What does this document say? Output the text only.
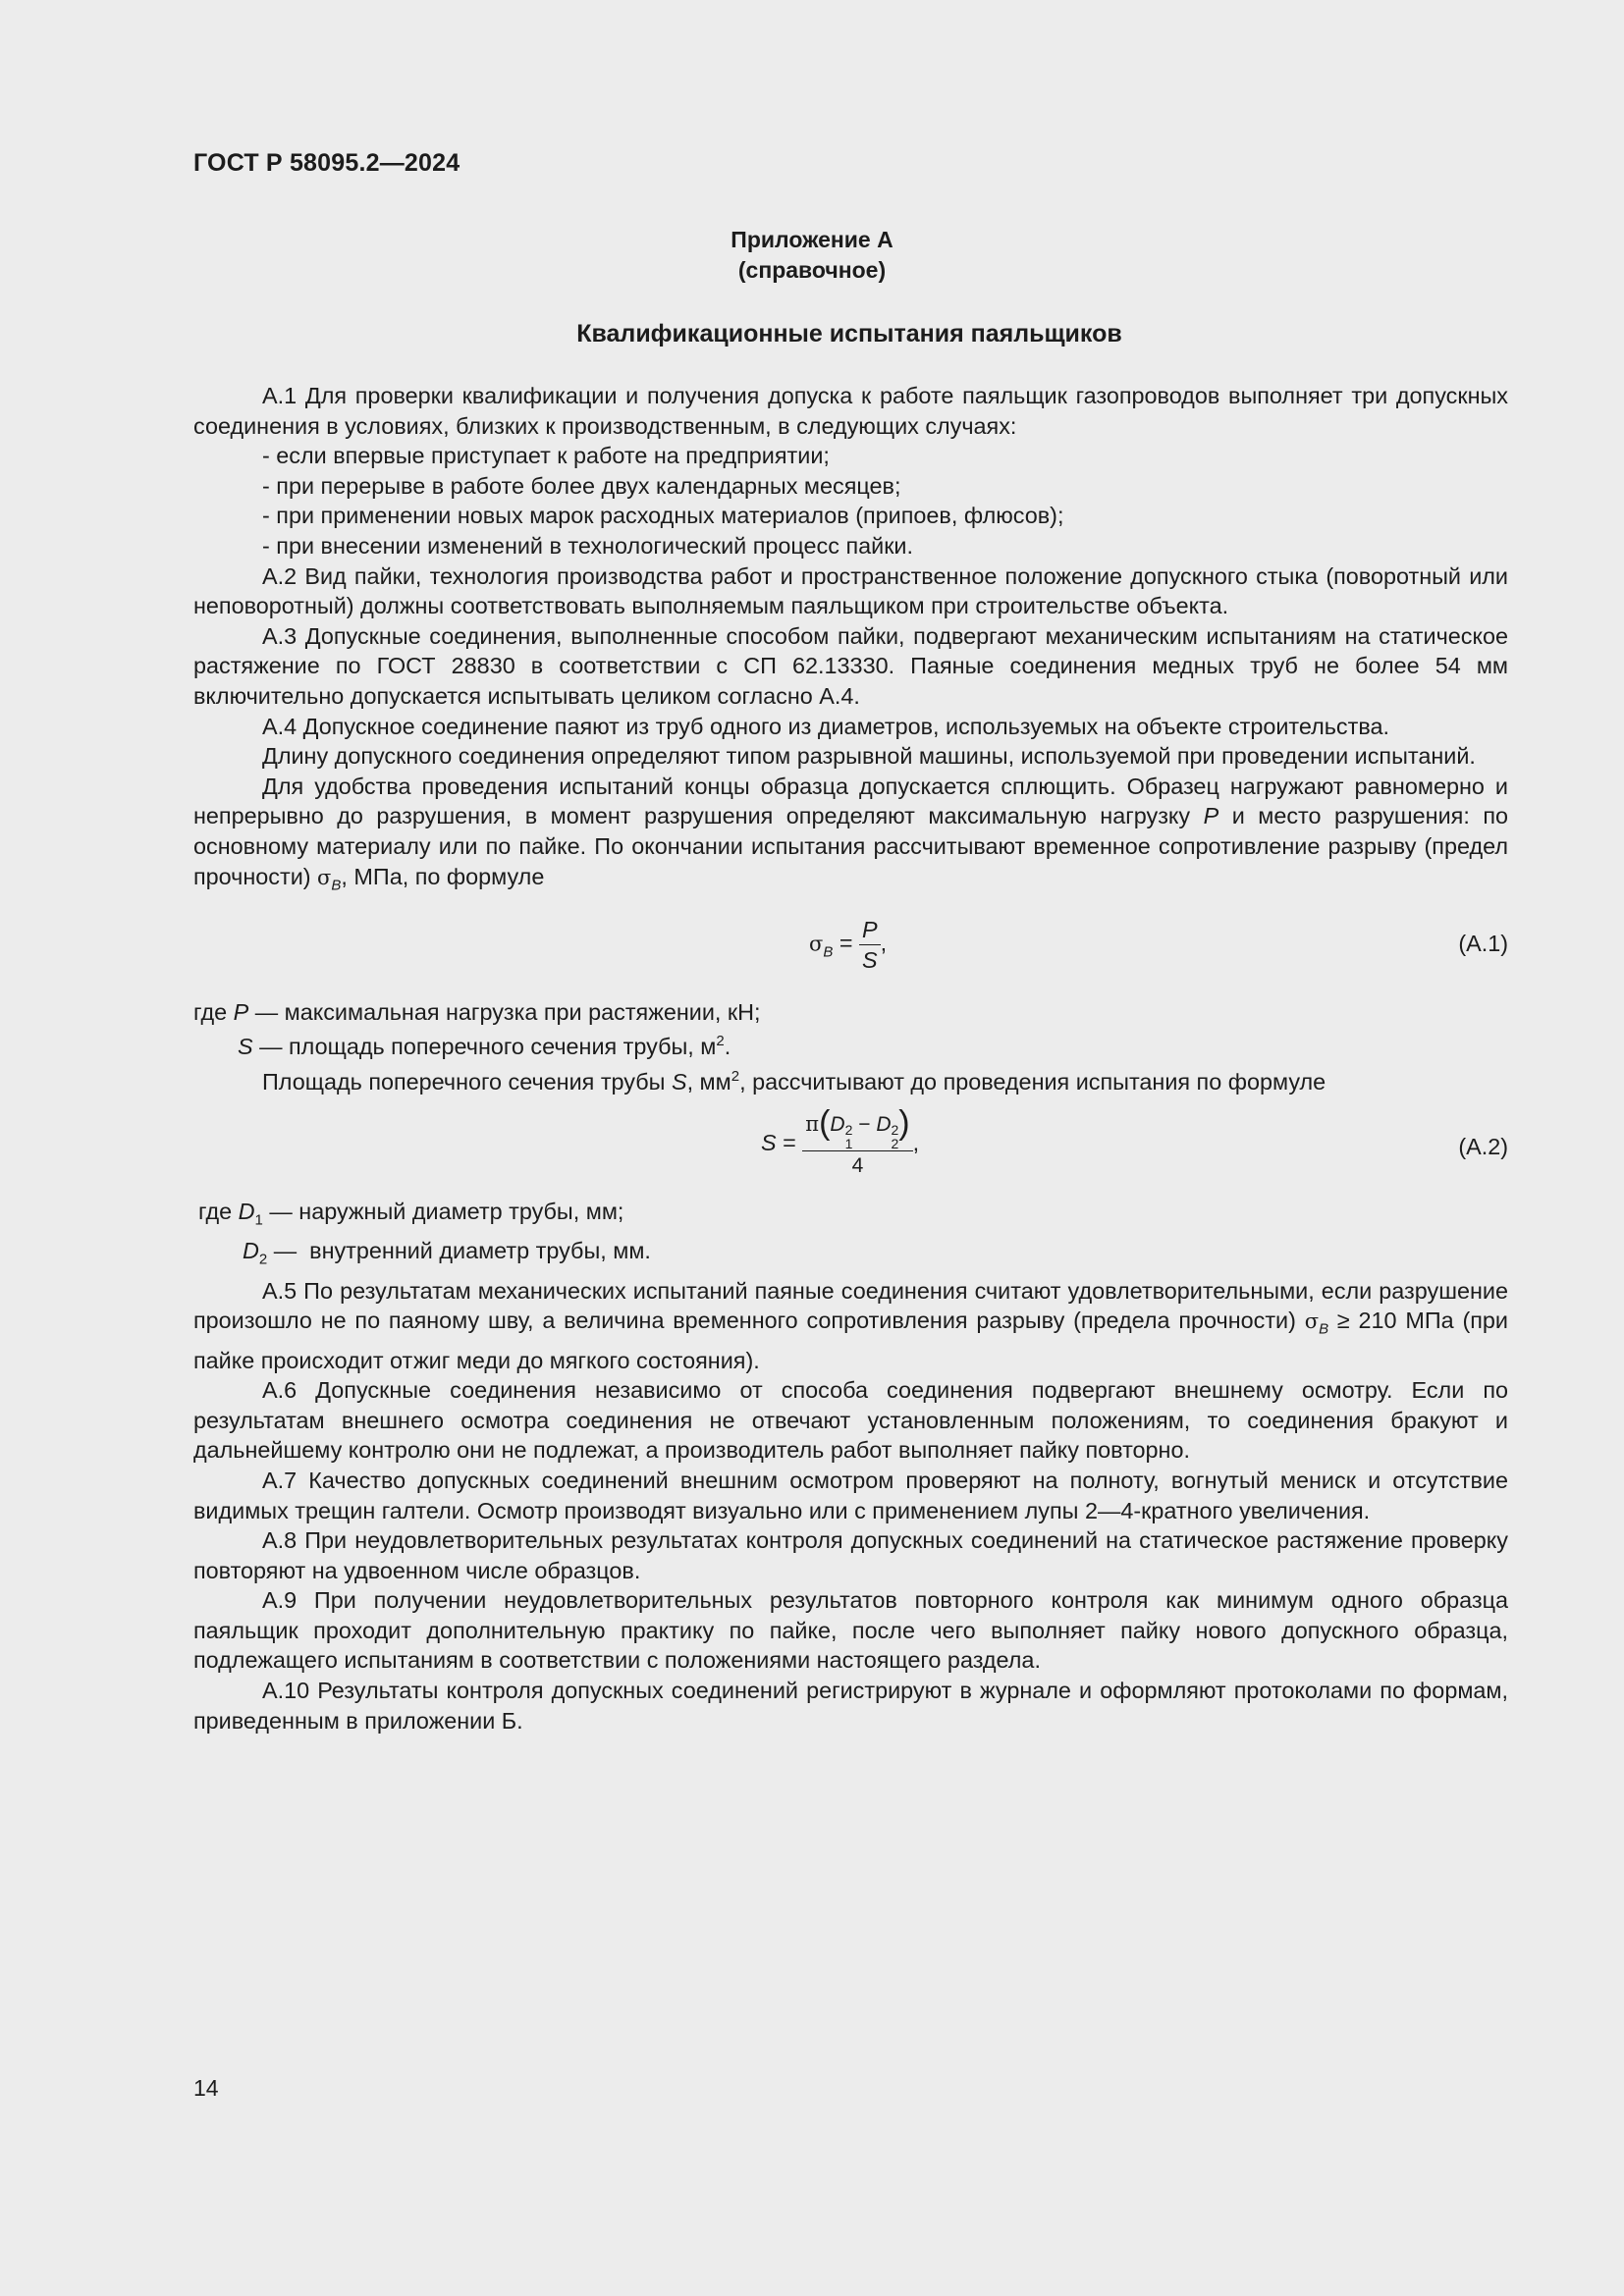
ГОСТ Р 58095.2—2024
Приложение А
(справочное)
Квалификационные испытания паяльщиков

А.1 Для проверки квалификации и получения допуска к работе паяльщик газопроводов выполняет три допускных соединения в условиях, близких к производственным, в следующих случаях:

- если впервые приступает к работе на предприятии;

- при перерыве в работе более двух календарных месяцев;

- при применении новых марок расходных материалов (припоев, флюсов);

- при внесении изменений в технологический процесс пайки.

А.2 Вид пайки, технология производства работ и пространственное положение допускного стыка (поворотный или неповоротный) должны соответствовать выполняемым паяльщиком при строительстве объекта.

А.3 Допускные соединения, выполненные способом пайки, подвергают механическим испытаниям на статическое растяжение по ГОСТ 28830 в соответствии с СП 62.13330. Паяные соединения медных труб не более 54 мм включительно допускается испытывать целиком согласно А.4.

А.4 Допускное соединение паяют из труб одного из диаметров, используемых на объекте строительства.

Длину допускного соединения определяют типом разрывной машины, используемой при проведении испытаний.

Для удобства проведения испытаний концы образца допускается сплющить. Образец нагружают равномерно и непрерывно до разрушения, в момент разрушения определяют максимальную нагрузку P и место разрушения: по основному материалу или по пайке. По окончании испытания рассчитывают временное сопротивление разрыву (предел прочности) $\sigma_B$, МПа, по формуле

$\sigma_B = \frac{P}{S}$ ,	(А.1)

где P — максимальная нагрузка при растяжении, кН;

S — площадь поперечного сечения трубы, $м^2$.

Площадь поперечного сечения трубы S, $мм^2$, рассчитывают до проведения испытания по формуле

S = π(D 2
1
− D 2
2
)
4 ,	(А.2)

где $D_1$ — наружный диаметр трубы, мм;

$D_2$ — внутренний диаметр трубы, мм.

А.5 По результатам механических испытаний паяные соединения считают удовлетворительными, если разрушение произошло не по паяному шву, а величина временного сопротивления разрыву (предела прочности) $\sigma_B \ge 210$ МПа (при пайке происходит отжиг меди до мягкого состояния).

А.6 Допускные соединения независимо от способа соединения подвергают внешнему осмотру. Если по результатам внешнего осмотра соединения не отвечают установленным положениям, то соединения бракуют и дальнейшему контролю они не подлежат, а производитель работ выполняет пайку повторно.

А.7 Качество допускных соединений внешним осмотром проверяют на полноту, вогнутый мениск и отсутствие видимых трещин галтели. Осмотр производят визуально или с применением лупы 2—4-кратного увеличения.

А.8 При неудовлетворительных результатах контроля допускных соединений на статическое растяжение проверку повторяют на удвоенном числе образцов.

А.9 При получении неудовлетворительных результатов повторного контроля как минимум одного образца паяльщик проходит дополнительную практику по пайке, после чего выполняет пайку нового допускного образца, подлежащего испытаниям в соответствии с положениями настоящего раздела.

А.10 Результаты контроля допускных соединений регистрируют в журнале и оформляют протоколами по формам, приведенным в приложении Б.

14
